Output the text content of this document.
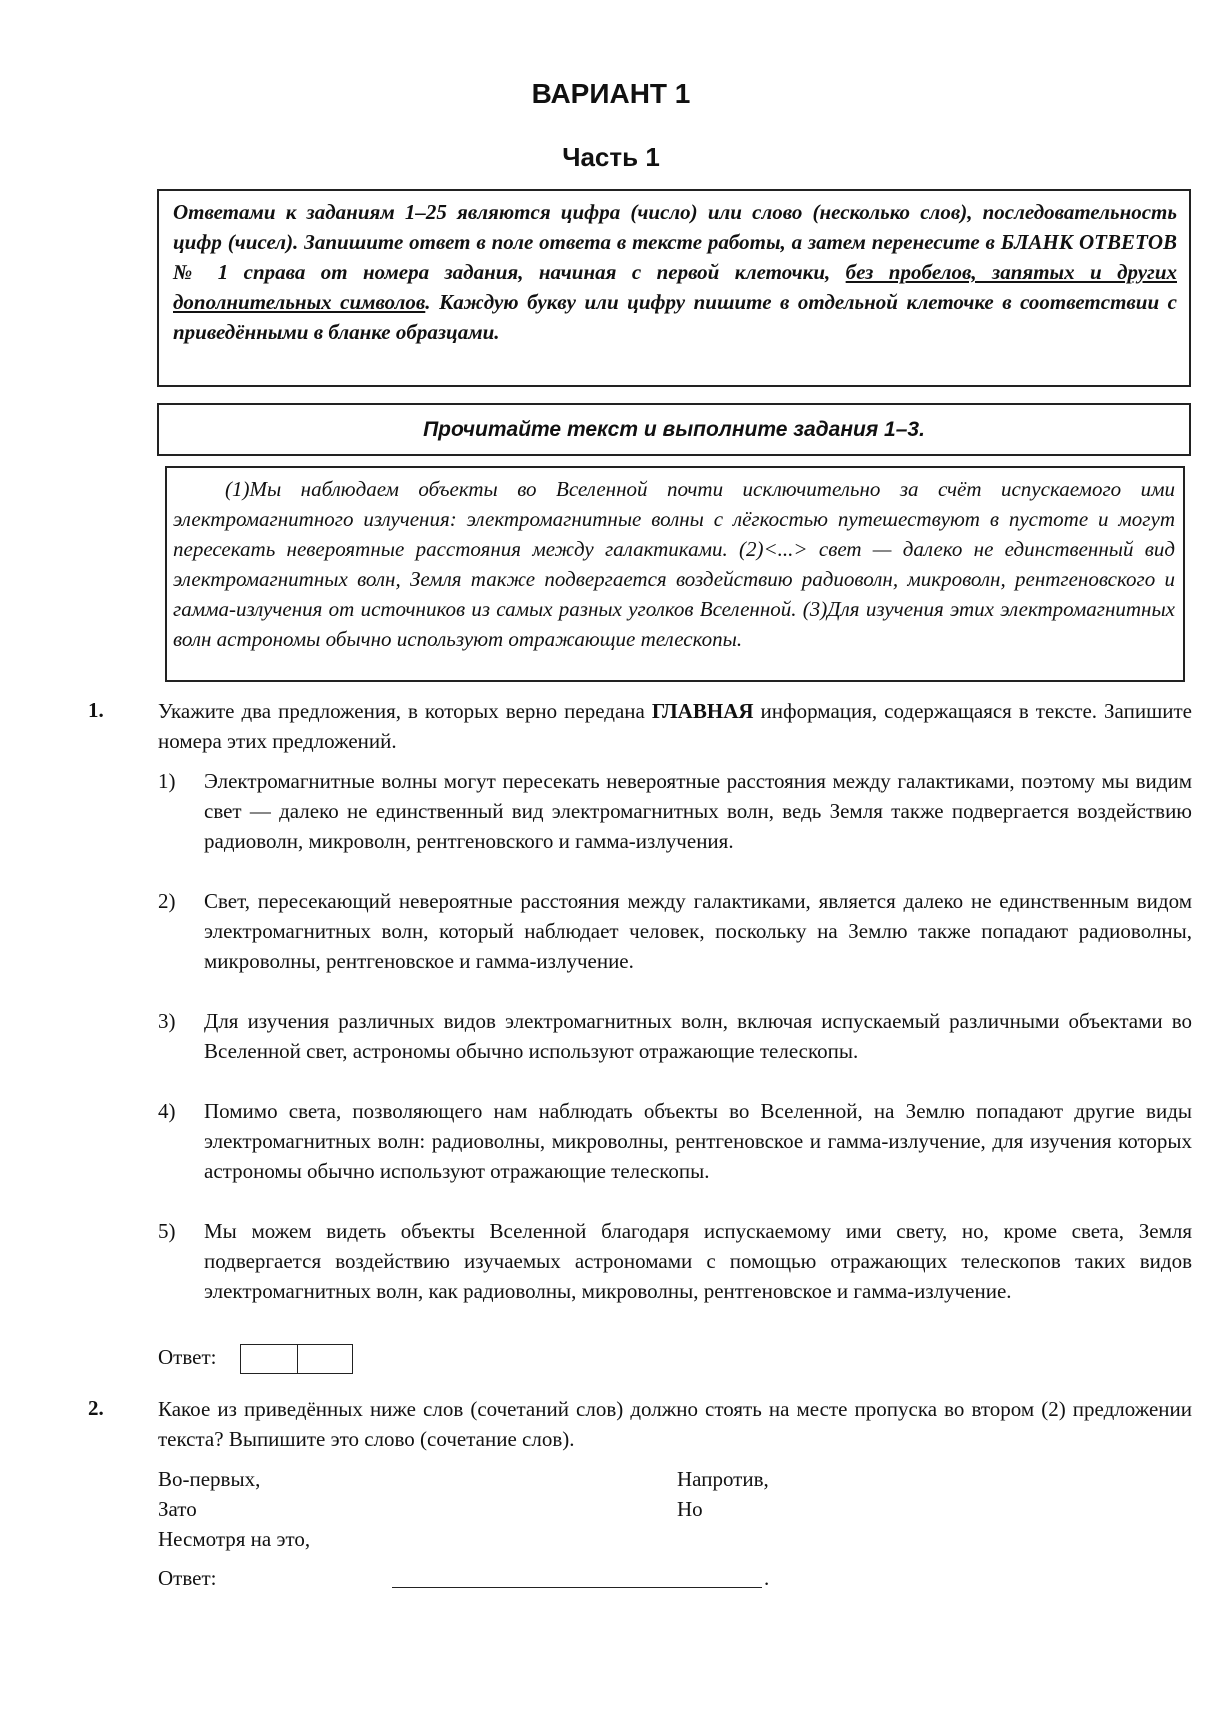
ВАРИАНТ 1
Часть 1
Ответами к заданиям 1–25 являются цифра (число) или слово (несколько слов), последовательность цифр (чисел). Запишите ответ в поле ответа в тексте работы, а затем перенесите в БЛАНК ОТВЕТОВ № 1 справа от номера задания, начиная с первой клеточки, без пробелов, запятых и других дополнительных символов. Каждую букву или цифру пишите в отдельной клеточке в соответствии с приведёнными в бланке образцами.
Прочитайте текст и выполните задания 1–3.

(1)Мы наблюдаем объекты во Вселенной почти исключительно за счёт испускаемого ими электромагнитного излучения: электромагнитные волны с лёгкостью путешествуют в пустоте и могут пересекать невероятные расстояния между галактиками. (2)<...> свет — далеко не единственный вид электромагнитных волн, Земля также подвергается воздействию радиоволн, микроволн, рентгеновского и гамма-излучения от источников из самых разных уголков Вселенной. (3)Для изучения этих электромагнитных волн астрономы обычно используют отражающие телескопы.

1.	Укажите два предложения, в которых верно передана ГЛАВНАЯ информация, содержащаяся в тексте. Запишите номера этих предложений.
1) Электромагнитные волны могут пересекать невероятные расстояния между галактиками, поэтому мы видим свет — далеко не единственный вид электромагнитных волн, ведь Земля также подвергается воздействию радиоволн, микроволн, рентгеновского и гамма-излучения.
2) Свет, пересекающий невероятные расстояния между галактиками, является далеко не единственным видом электромагнитных волн, который наблюдает человек, поскольку на Землю также попадают радиоволны, микроволны, рентгеновское и гамма-излучение.
3) Для изучения различных видов электромагнитных волн, включая испускаемый различными объектами во Вселенной свет, астрономы обычно используют отражающие телескопы.
4) Помимо света, позволяющего нам наблюдать объекты во Вселенной, на Землю попадают другие виды электромагнитных волн: радиоволны, микроволны, рентгеновское и гамма-излучение, для изучения которых астрономы обычно используют отражающие телескопы.
5) Мы можем видеть объекты Вселенной благодаря испускаемому ими свету, но, кроме света, Земля подвергается воздействию изучаемых астрономами с помощью отражающих телескопов таких видов электромагнитных волн, как радиоволны, микроволны, рентгеновское и гамма-излучение.
Ответ:
2.	Какое из приведённых ниже слов (сочетаний слов) должно стоять на месте пропуска во втором (2) предложении текста? Выпишите это слово (сочетание слов).
Во-первых,
Зато
Несмотря на это,
Напротив,
Но
Ответ:	.
